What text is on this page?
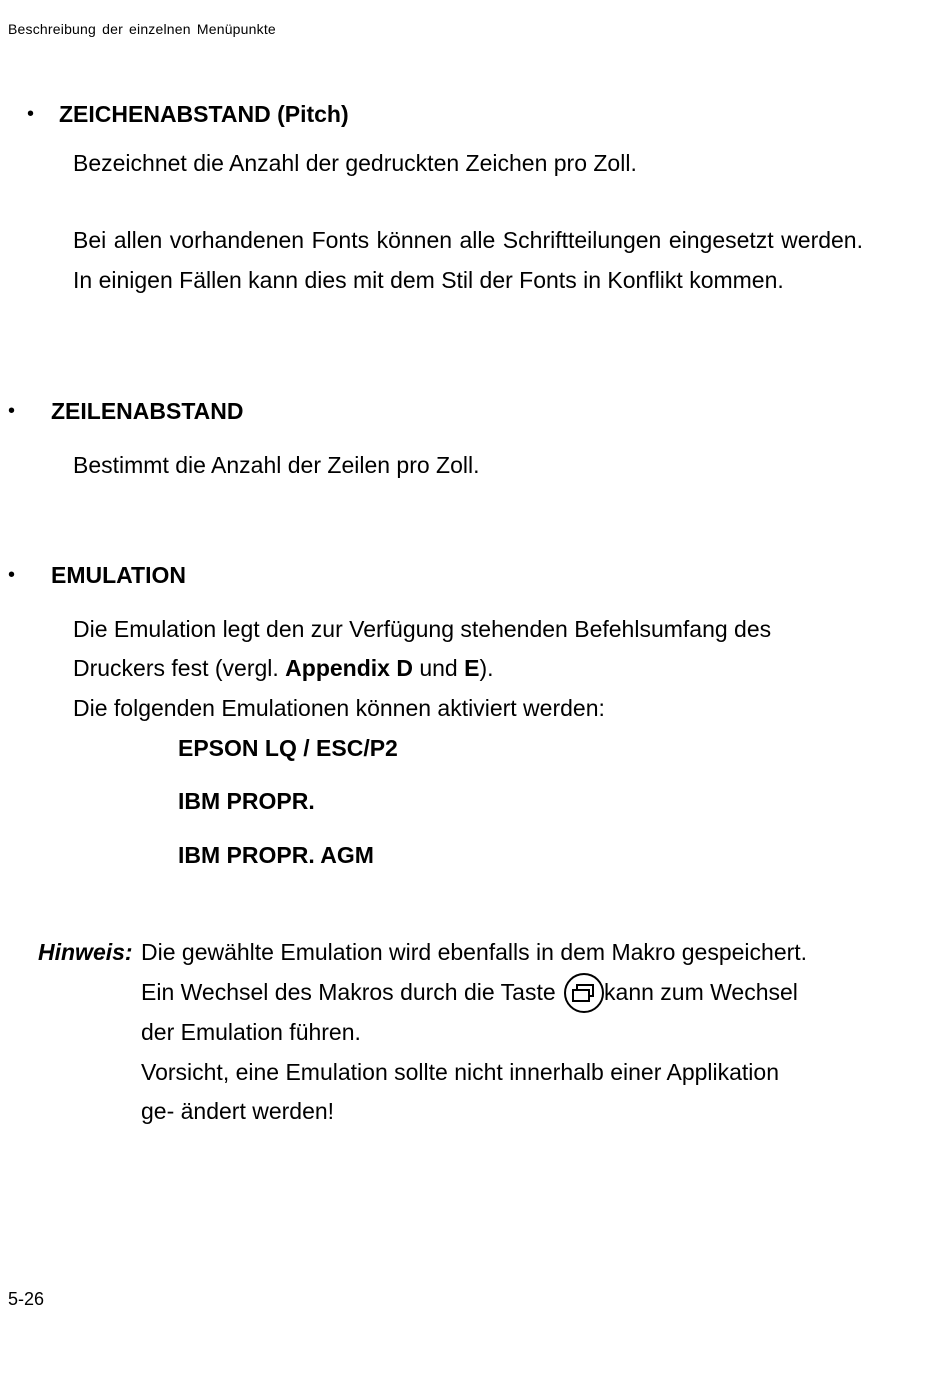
Beschreibung der einzelnen Menüpunkte
• ZEICHENABSTAND (Pitch)
Bezeichnet die Anzahl der gedruckten Zeichen pro Zoll.
Bei allen vorhandenen Fonts können alle Schriftteilungen eingesetzt werden. In einigen Fällen kann dies mit dem Stil der Fonts in Konflikt kommen.
• ZEILENABSTAND
Bestimmt die Anzahl der Zeilen pro Zoll.
• EMULATION
Die Emulation legt den zur Verfügung stehenden Befehlsumfang des
Druckers fest (vergl. Appendix D und E).
Die folgenden Emulationen können aktiviert werden:
EPSON LQ / ESC/P2
IBM PROPR.
IBM PROPR. AGM
Hinweis: Die gewählte Emulation wird ebenfalls in dem Makro gespeichert.
Ein Wechsel des Makros durch die Taste kann zum Wechsel
der Emulation führen.
Vorsicht, eine Emulation sollte nicht innerhalb einer Applikation
ge- ändert werden!
5-26
